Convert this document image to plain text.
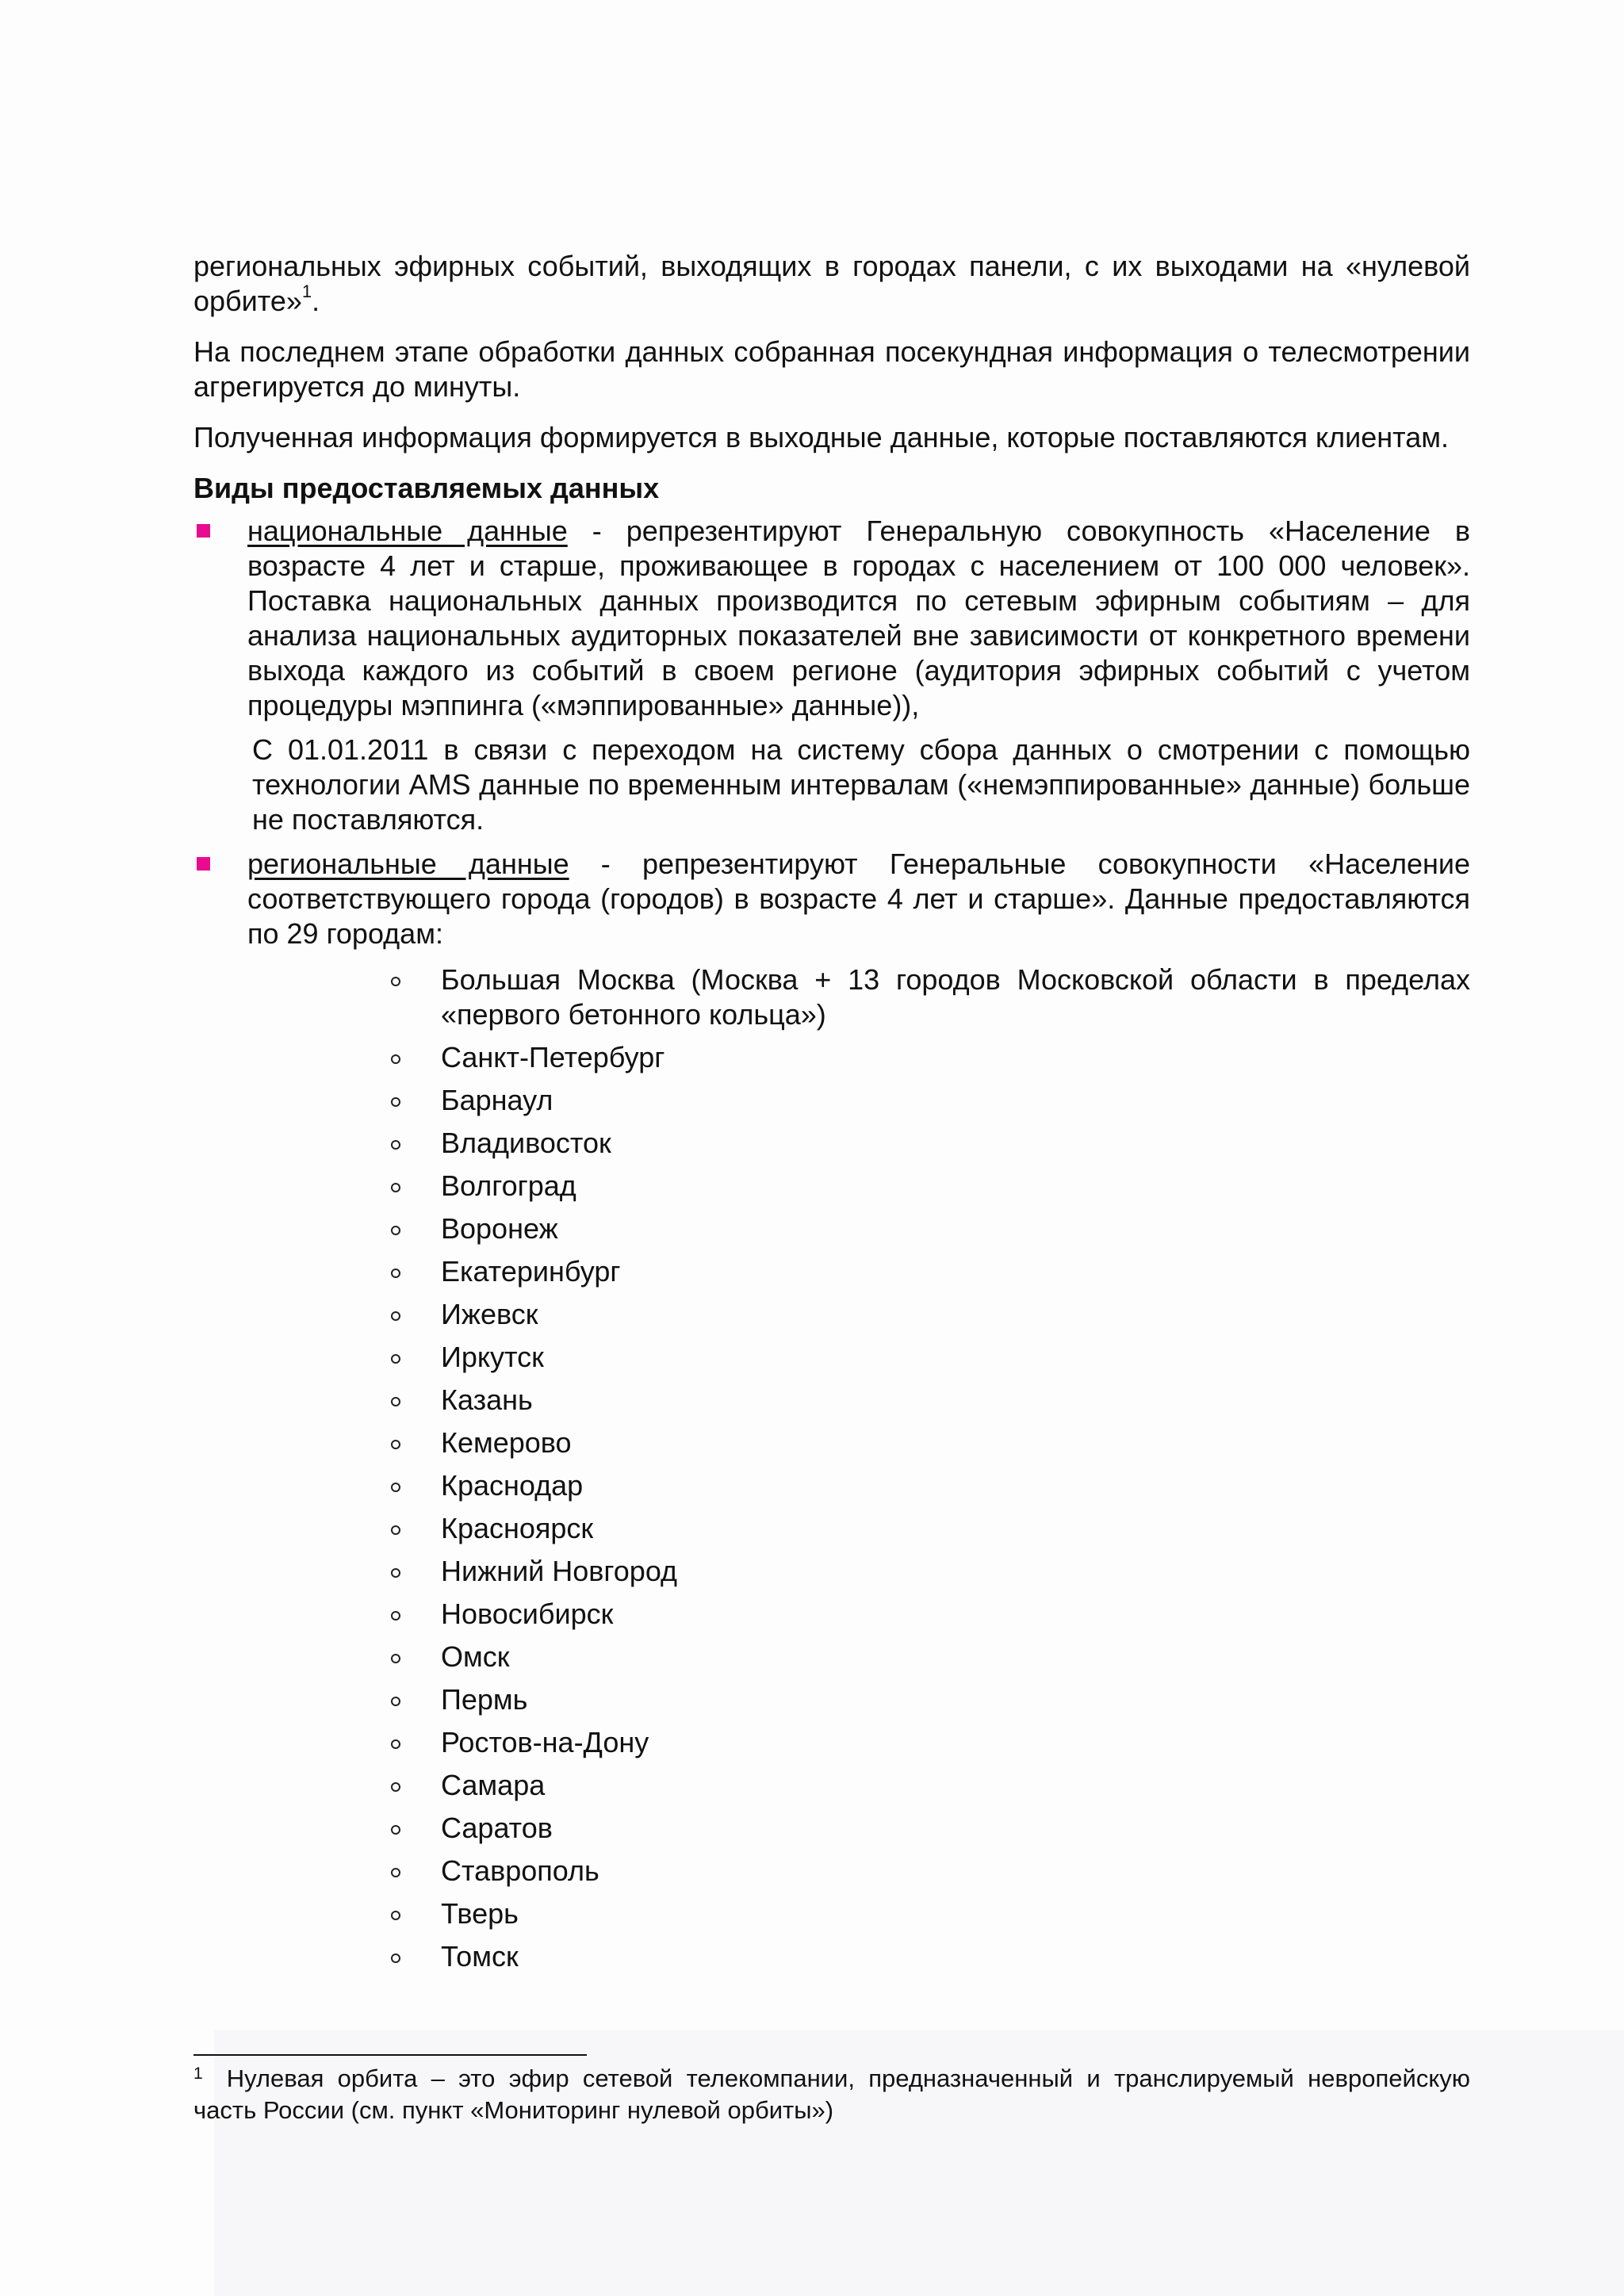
региональных эфирных событий, выходящих в городах панели, с их выходами на «нулевой орбите»$^1$.

На последнем этапе обработки данных собранная посекундная информация о телесмотрении агрегируется до минуты.

Полученная информация формируется в выходные данные, которые поставляются клиентам.

Виды предоставляемых данных

национальные данные - репрезентируют Генеральную совокупность «Население в возрасте 4 лет и старше, проживающее в городах с населением от 100 000 человек». Поставка национальных данных производится по сетевым эфирным событиям – для анализа национальных аудиторных показателей вне зависимости от конкретного времени выхода каждого из событий в своем регионе (аудитория эфирных событий с учетом процедуры мэппинга («мэппированные» данные)),

С 01.01.2011 в связи с переходом на систему сбора данных о смотрении с помощью технологии AMS данные по временным интервалам («немэппированные» данные) больше не поставляются.

региональные данные - репрезентируют Генеральные совокупности «Население соответствующего города (городов) в возрасте 4 лет и старше». Данные предоставляются по 29 городам:

Большая Москва (Москва + 13 городов Московской области в пределах «первого бетонного кольца»)
Санкт-Петербург
Барнаул
Владивосток
Волгоград
Воронеж
Екатеринбург
Ижевск
Иркутск
Казань
Кемерово
Краснодар
Красноярск
Нижний Новгород
Новосибирск
Омск
Пермь
Ростов-на-Дону
Самара
Саратов
Ставрополь
Тверь
Томск
$^1$ Нулевая орбита – это эфир сетевой телекомпании, предназначенный и транслируемый невропейскую часть России (см. пункт «Мониторинг нулевой орбиты»)
